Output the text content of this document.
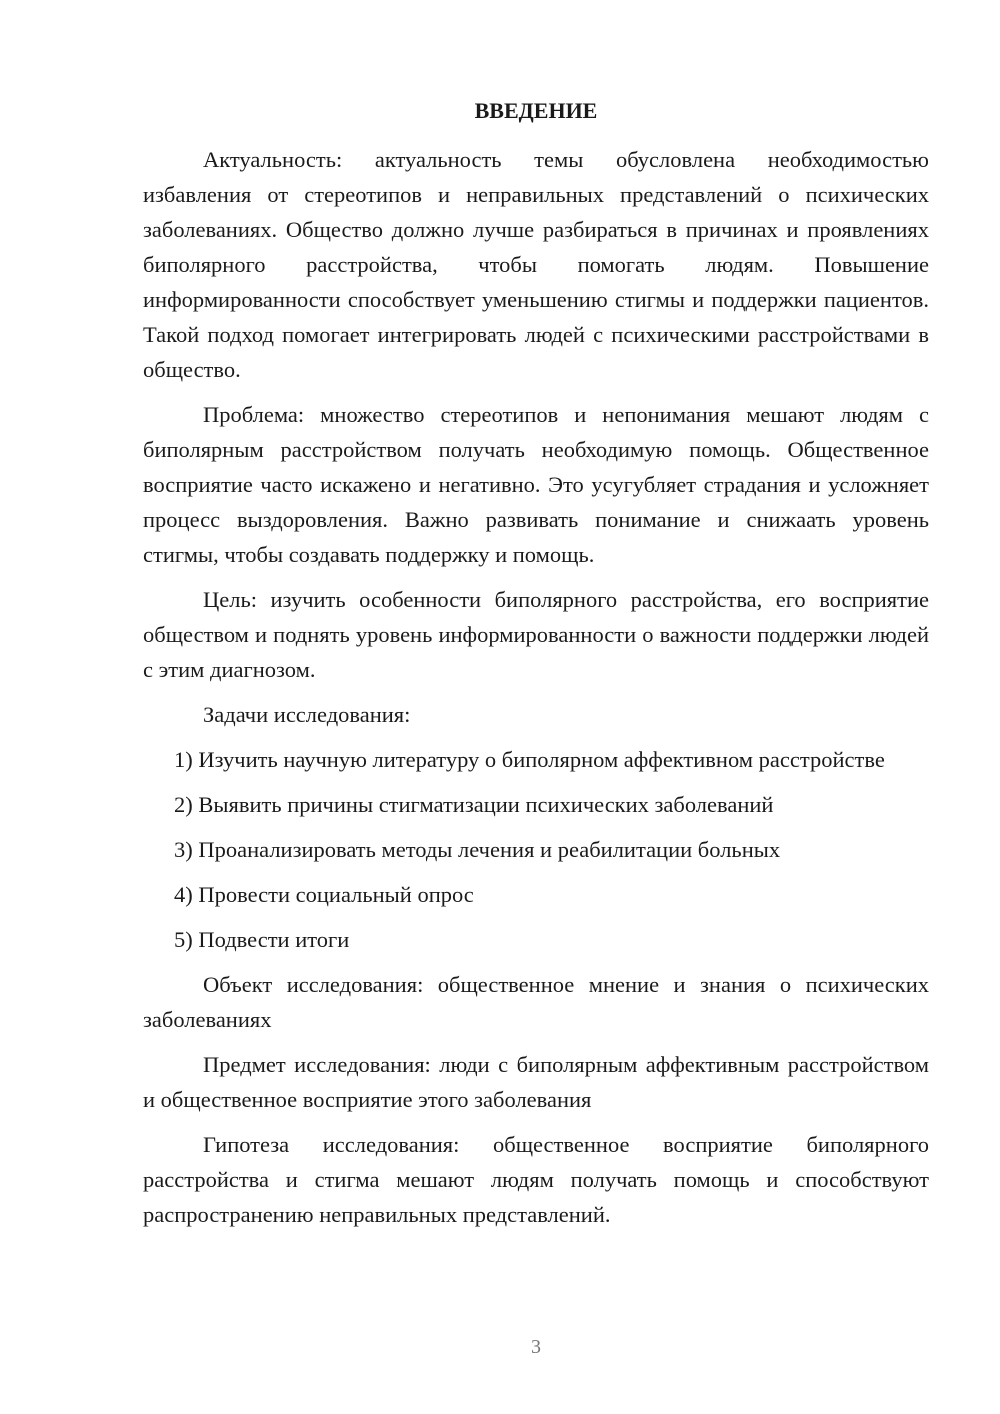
ВВЕДЕНИЕ

Актуальность: актуальность темы обусловлена необходимостью избавления от стереотипов и неправильных представлений о психических заболеваниях. Общество должно лучше разбираться в причинах и проявлениях биполярного расстройства, чтобы помогать людям. Повышение информированности способствует уменьшению стигмы и поддержки пациентов. Такой подход помогает интегрировать людей с психическими расстройствами в общество.

Проблема: множество стереотипов и непонимания мешают людям с биполярным расстройством получать необходимую помощь. Общественное восприятие часто искажено и негативно. Это усугубляет страдания и усложняет процесс выздоровления. Важно развивать понимание и снижаать уровень стигмы, чтобы создавать поддержку и помощь.

Цель: изучить особенности биполярного расстройства, его восприятие обществом и поднять уровень информированности о важности поддержки людей с этим диагнозом.

Задачи исследования:

1) Изучить научную литературу о биполярном аффективном расстройстве

2) Выявить причины стигматизации психических заболеваний

3) Проанализировать методы лечения и реабилитации больных

4) Провести социальный опрос

5) Подвести итоги

Объект исследования: общественное мнение и знания о психических заболеваниях

Предмет исследования: люди с биполярным аффективным расстройством и общественное восприятие этого заболевания

Гипотеза исследования: общественное восприятие биполярного расстройства и стигма мешают людям получать помощь и способствуют распространению неправильных представлений.

3
